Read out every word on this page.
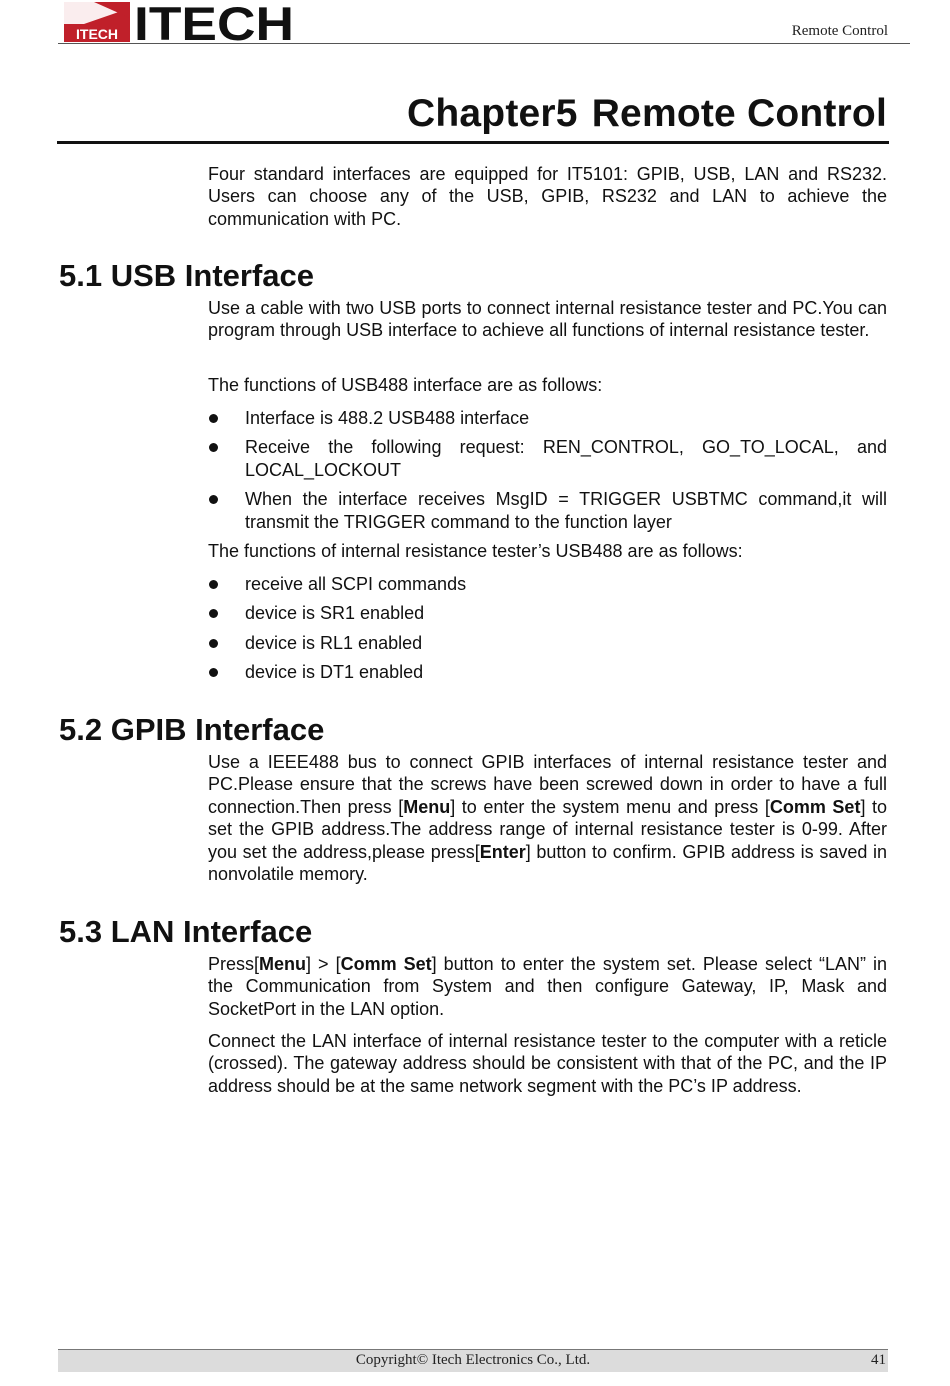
ITECH ITECH	Remote Control
Chapter5 Remote Control

Four standard interfaces are equipped for IT5101: GPIB, USB, LAN and RS232. Users can choose any of the USB, GPIB, RS232 and LAN to achieve the communication with PC.

5.1 USB Interface

Use a cable with two USB ports to connect internal resistance tester and PC.You can program through USB interface to achieve all functions of internal resistance tester.

The functions of USB488 interface are as follows:

Interface is 488.2 USB488 interface
Receive the following request: REN_CONTROL, GO_TO_LOCAL, and LOCAL_LOCKOUT
When the interface receives MsgID = TRIGGER USBTMC command,it will transmit the TRIGGER command to the function layer

The functions of internal resistance tester’s USB488 are as follows:

receive all SCPI commands
device is SR1 enabled
device is RL1 enabled
device is DT1 enabled
5.2 GPIB Interface

Use a IEEE488 bus to connect GPIB interfaces of internal resistance tester and PC.Please ensure that the screws have been screwed down in order to have a full connection.Then press [Menu] to enter the system menu and press [Comm Set] to set the GPIB address.The address range of internal resistance tester is 0-99. After you set the address,please press[Enter] button to confirm. GPIB address is saved in nonvolatile memory.

5.3 LAN Interface

Press[Menu] > [Comm Set] button to enter the system set. Please select “LAN” in the Communication from System and then configure Gateway, IP, Mask and SocketPort in the LAN option.

Connect the LAN interface of internal resistance tester to the computer with a reticle (crossed). The gateway address should be consistent with that of the PC, and the IP address should be at the same network segment with the PC’s IP address.

Copyright© Itech Electronics Co., Ltd.	41
